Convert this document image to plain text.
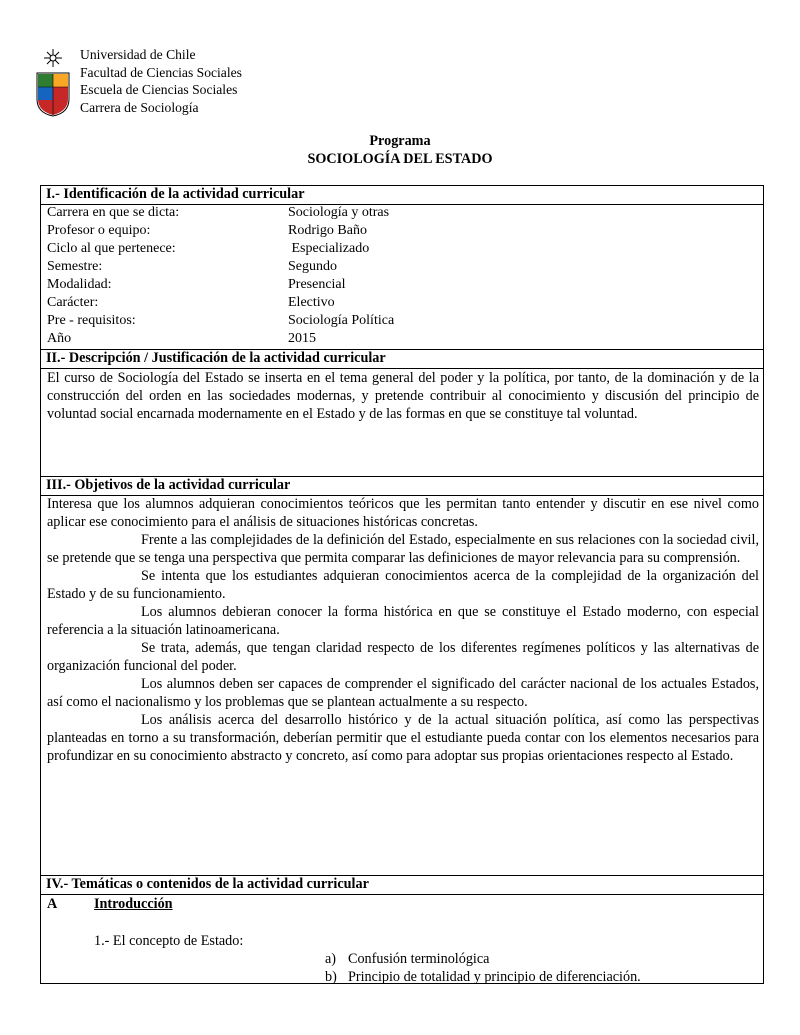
Universidad de Chile
Facultad de Ciencias Sociales
Escuela de Ciencias Sociales
Carrera de Sociología
Programa
SOCIOLOGÍA DEL ESTADO
I.- Identificación de la actividad curricular
Carrera en que se dicta:	Sociología y otras
Profesor o equipo:	Rodrigo Baño
Ciclo al que pertenece:	Especializado
Semestre:	Segundo
Modalidad:	Presencial
Carácter:	Electivo
Pre - requisitos:	Sociología Política
Año	2015
II.- Descripción / Justificación de la actividad curricular

El curso de Sociología del Estado se inserta en el tema general del poder y la política, por tanto, de la dominación y de la construcción del orden en las sociedades modernas, y pretende contribuir al conocimiento y discusión del principio de voluntad social encarnada modernamente en el Estado y de las formas en que se constituye tal voluntad.

III.- Objetivos de la actividad curricular

Interesa que los alumnos adquieran conocimientos teóricos que les permitan tanto entender y discutir en ese nivel como aplicar ese conocimiento para el análisis de situaciones históricas concretas.

Frente a las complejidades de la definición del Estado, especialmente en sus relaciones con la sociedad civil, se pretende que se tenga una perspectiva que permita comparar las definiciones de mayor relevancia para su comprensión.

Se intenta que los estudiantes adquieran conocimientos acerca de la complejidad de la organización del Estado y de su funcionamiento.

Los alumnos debieran conocer la forma histórica en que se constituye el Estado moderno, con especial referencia a la situación latinoamericana.

Se trata, además, que tengan claridad respecto de los diferentes regímenes políticos y las alternativas de organización funcional del poder.

Los alumnos deben ser capaces de comprender el significado del carácter nacional de los actuales Estados, así como el nacionalismo y los problemas que se plantean actualmente a su respecto.

Los análisis acerca del desarrollo histórico y de la actual situación política, así como las perspectivas planteadas en torno a su transformación, deberían permitir que el estudiante pueda contar con los elementos necesarios para profundizar en su conocimiento abstracto y concreto, así como para adoptar sus propias orientaciones respecto al Estado.

IV.- Temáticas o contenidos de la actividad curricular
A	Introducción
1.- El concepto de Estado:
a) Confusión terminológica
b) Principio de totalidad y principio de diferenciación.
